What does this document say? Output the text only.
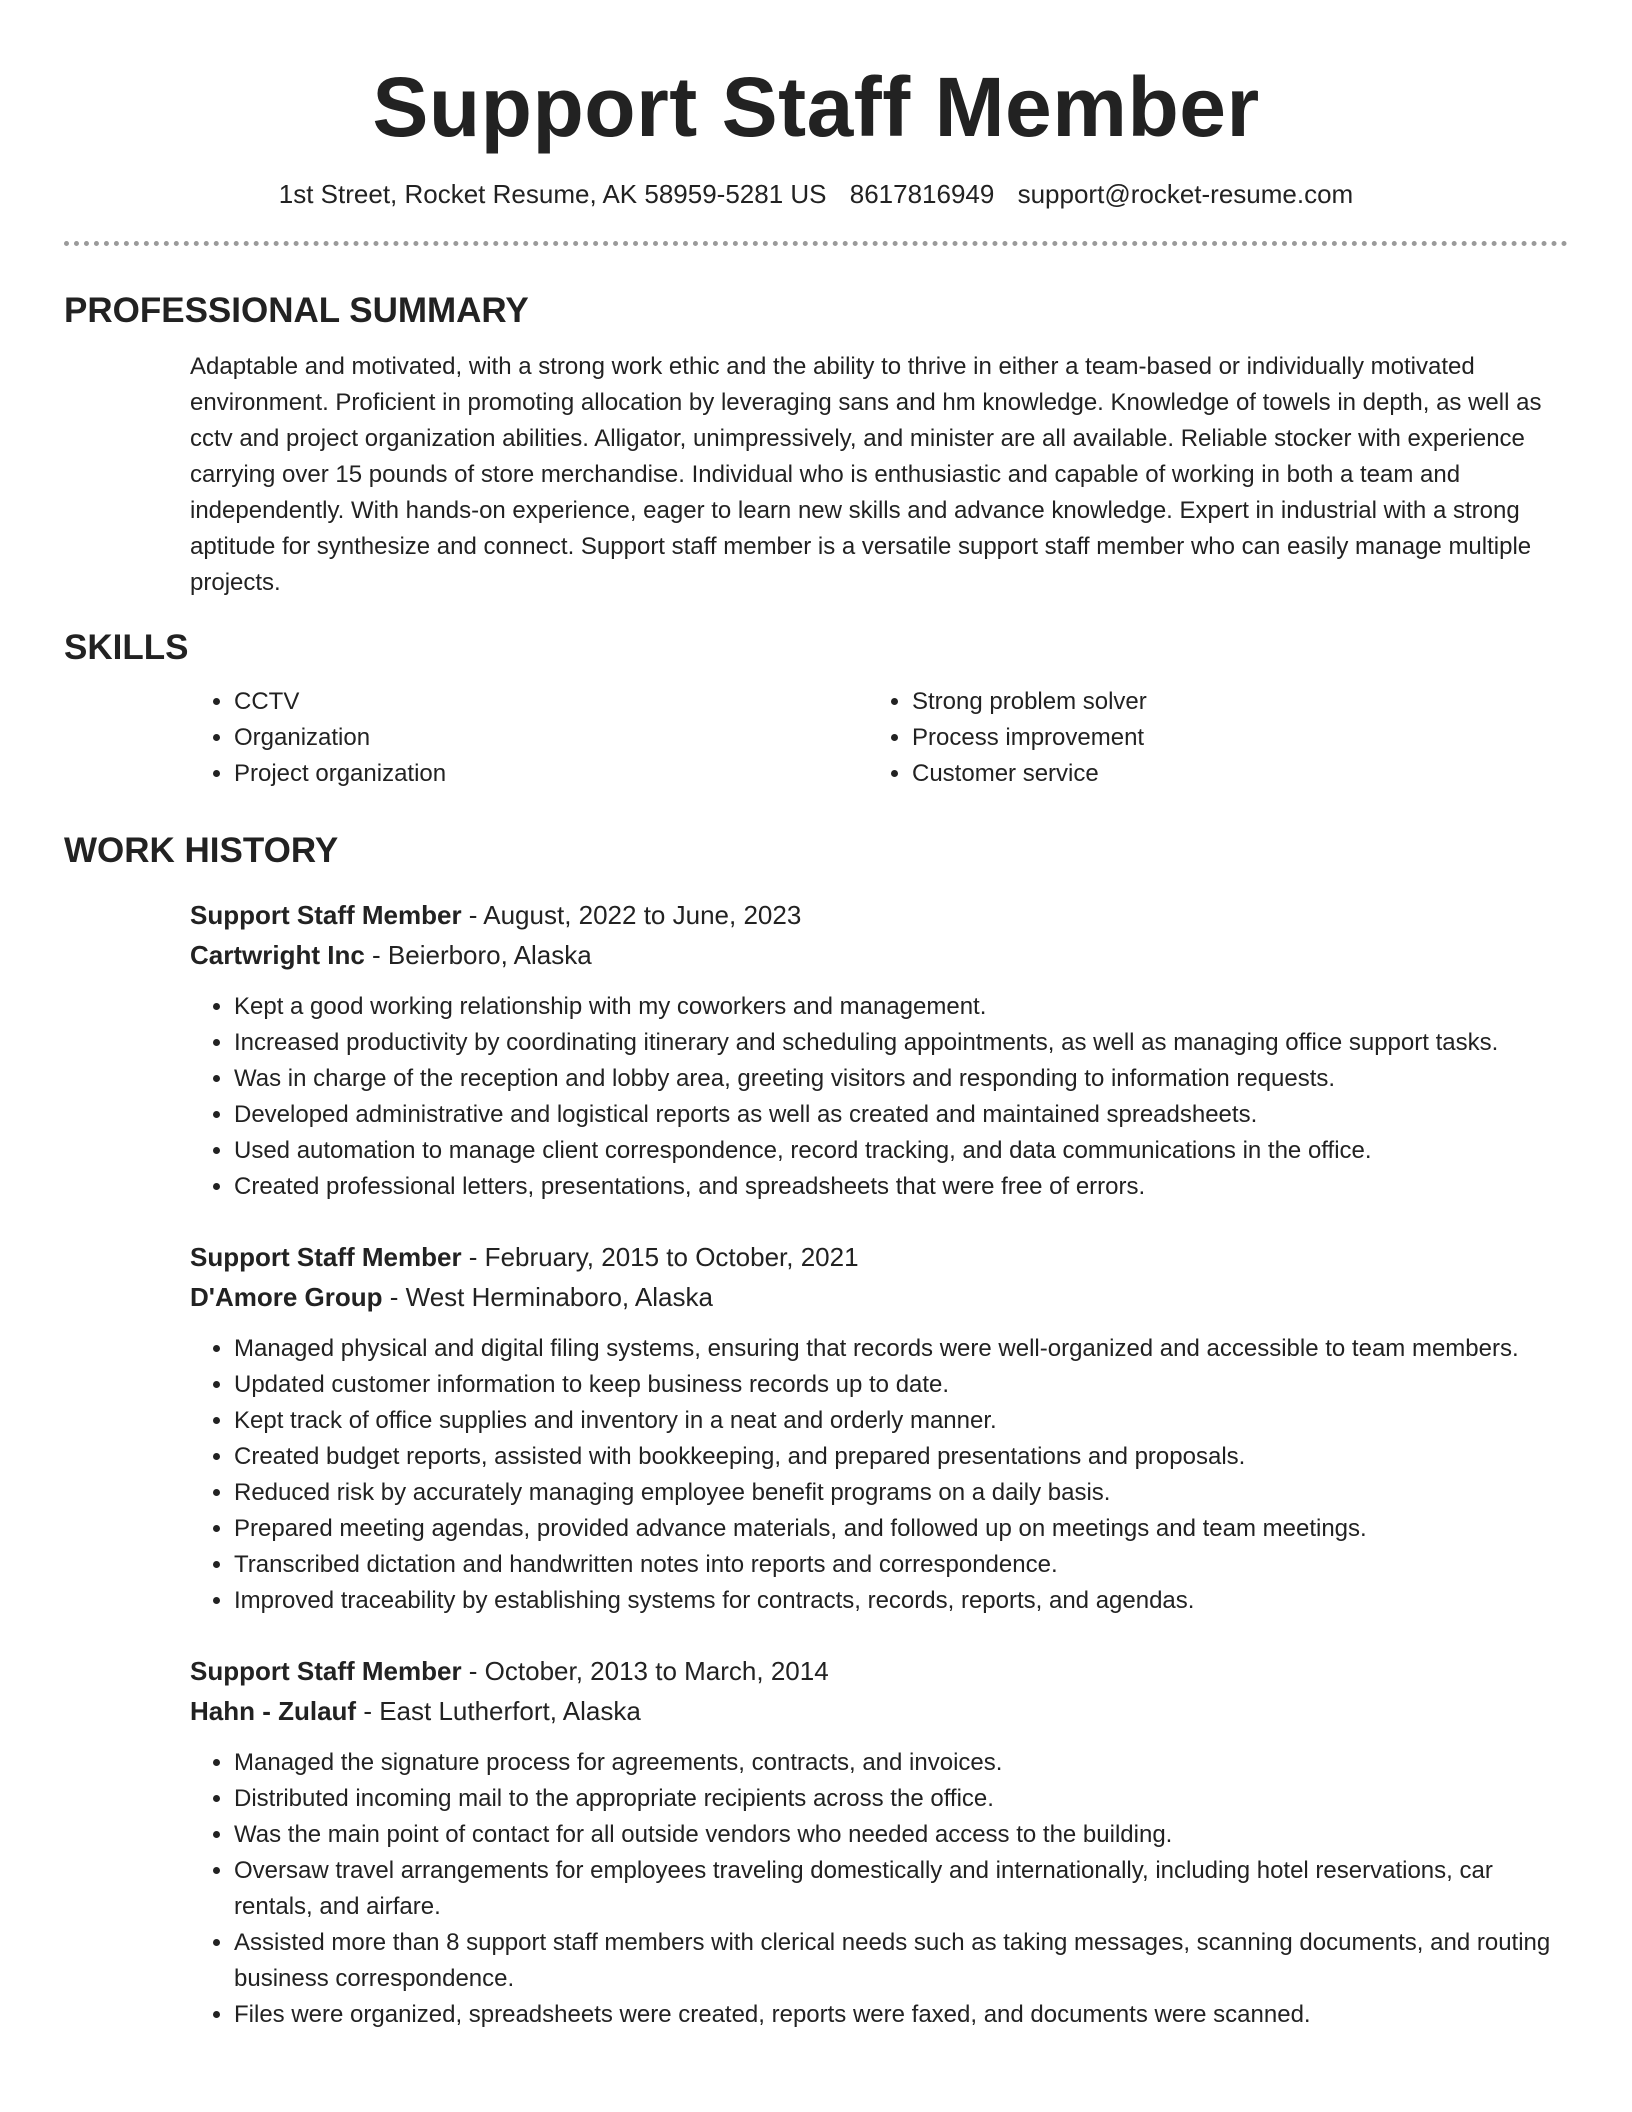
Support Staff Member
1st Street, Rocket Resume, AK 58959-5281 US 8617816949 support@rocket-resume.com
PROFESSIONAL SUMMARY
Adaptable and motivated, with a strong work ethic and the ability to thrive in either a team-based or individually motivated environment. Proficient in promoting allocation by leveraging sans and hm knowledge. Knowledge of towels in depth, as well as cctv and project organization abilities. Alligator, unimpressively, and minister are all available. Reliable stocker with experience carrying over 15 pounds of store merchandise. Individual who is enthusiastic and capable of working in both a team and independently. With hands-on experience, eager to learn new skills and advance knowledge. Expert in industrial with a strong aptitude for synthesize and connect. Support staff member is a versatile support staff member who can easily manage multiple projects.
SKILLS
• CCTV
• Organization
• Project organization
• Strong problem solver
• Process improvement
• Customer service
WORK HISTORY
Support Staff Member - August, 2022 to June, 2023
Cartwright Inc - Beierboro, Alaska
• Kept a good working relationship with my coworkers and management.
• Increased productivity by coordinating itinerary and scheduling appointments, as well as managing office support tasks.
• Was in charge of the reception and lobby area, greeting visitors and responding to information requests.
• Developed administrative and logistical reports as well as created and maintained spreadsheets.
• Used automation to manage client correspondence, record tracking, and data communications in the office.
• Created professional letters, presentations, and spreadsheets that were free of errors.
Support Staff Member - February, 2015 to October, 2021
D'Amore Group - West Herminaboro, Alaska
• Managed physical and digital filing systems, ensuring that records were well-organized and accessible to team members.
• Updated customer information to keep business records up to date.
• Kept track of office supplies and inventory in a neat and orderly manner.
• Created budget reports, assisted with bookkeeping, and prepared presentations and proposals.
• Reduced risk by accurately managing employee benefit programs on a daily basis.
• Prepared meeting agendas, provided advance materials, and followed up on meetings and team meetings.
• Transcribed dictation and handwritten notes into reports and correspondence.
• Improved traceability by establishing systems for contracts, records, reports, and agendas.
Support Staff Member - October, 2013 to March, 2014
Hahn - Zulauf - East Lutherfort, Alaska
• Managed the signature process for agreements, contracts, and invoices.
• Distributed incoming mail to the appropriate recipients across the office.
• Was the main point of contact for all outside vendors who needed access to the building.
• Oversaw travel arrangements for employees traveling domestically and internationally, including hotel reservations, car rentals, and airfare.
• Assisted more than 8 support staff members with clerical needs such as taking messages, scanning documents, and routing business correspondence.
• Files were organized, spreadsheets were created, reports were faxed, and documents were scanned.
